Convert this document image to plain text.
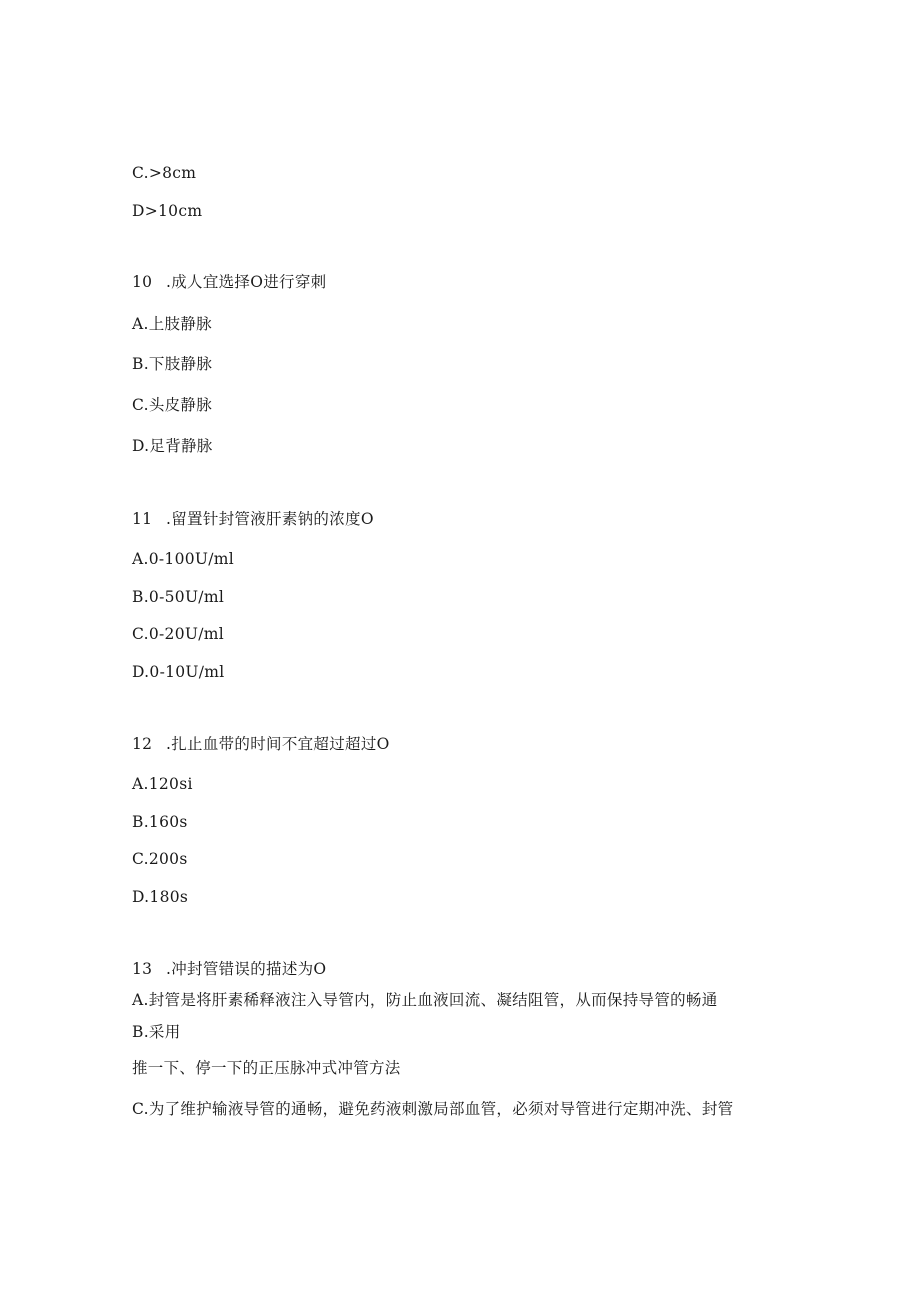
C.>8cm
D>10cm
10 .成人宜选择O进行穿刺
A.上肢静脉
B.下肢静脉
C.头皮静脉
D.足背静脉
11 .留置针封管液肝素钠的浓度O
A.0-100U∕ml
B.0-50U∕ml
C.0-20U∕ml
D.0-10U∕ml
12 .扎止血带的时间不宜超过超过O
A.120si
B.160s
C.200s
D.180s
13 .冲封管错误的描述为O
A.封管是将肝素稀释液注入导管内，防止血液回流、凝结阻管，从而保持导管的畅通
B.采用
推一下、停一下的正压脉冲式冲管方法
C.为了维护输液导管的通畅，避免药液刺激局部血管，必须对导管进行定期冲洗、封管
